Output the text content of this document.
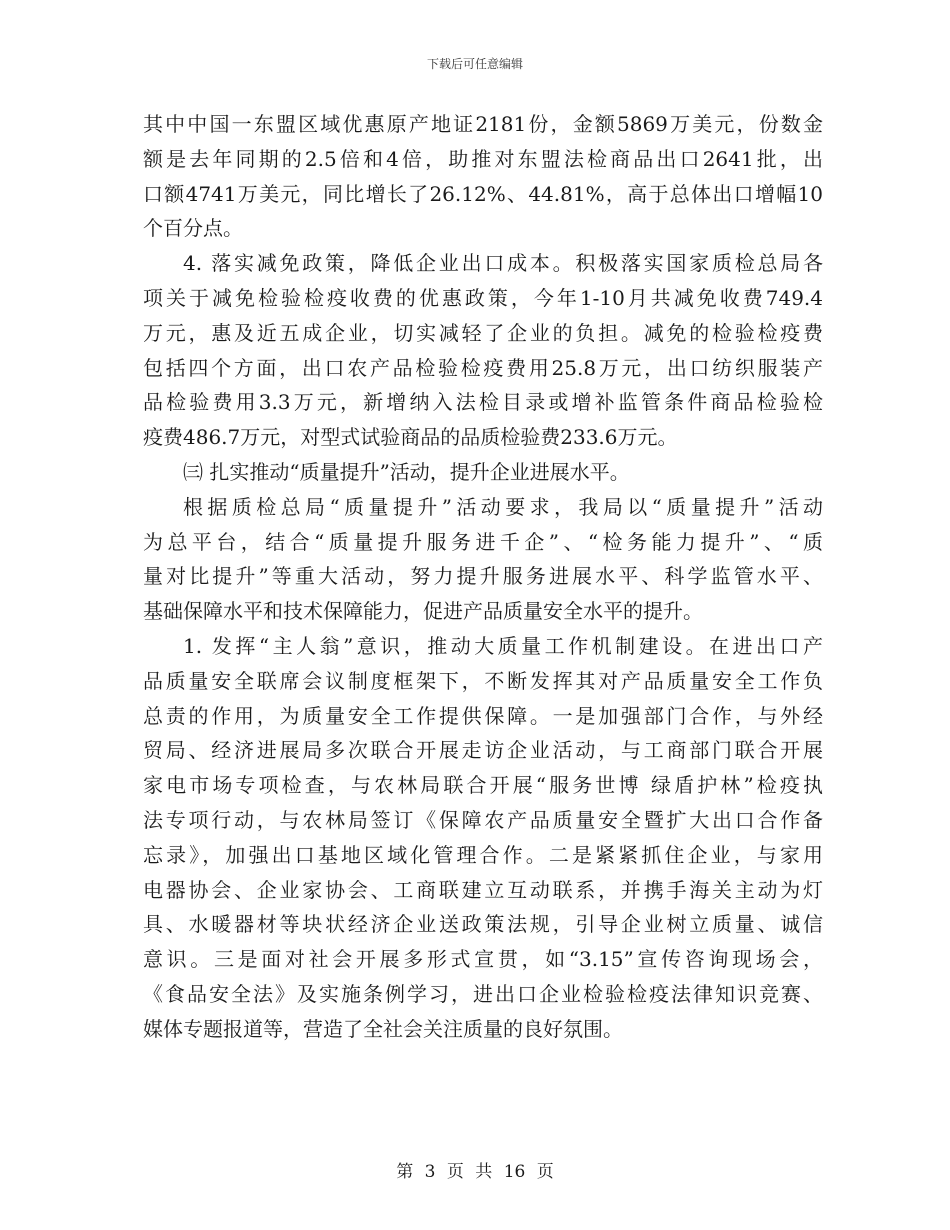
下载后可任意编辑
其中中国一东盟区域优惠原产地证2181份，金额5869万美元，份数金
额是去年同期的2.5倍和4倍，助推对东盟法检商品出口2641批，出
口额4741万美元，同比增长了26.12%、44.81%，高于总体出口增幅10
个百分点。
4. 落实减免政策，降低企业出口成本。积极落实国家质检总局各
项关于减免检验检疫收费的优惠政策，今年1-10月共减免收费749.4
万元，惠及近五成企业，切实减轻了企业的负担。减免的检验检疫费
包括四个方面，出口农产品检验检疫费用25.8万元，出口纺织服装产
品检验费用3.3万元，新增纳入法检目录或增补监管条件商品检验检
疫费486.7万元，对型式试验商品的品质检验费233.6万元。
㈢ 扎实推动“质量提升”活动，提升企业进展水平。
根据质检总局“质量提升”活动要求，我局以“质量提升”活动
为总平台，结合“质量提升服务进千企”、“检务能力提升”、“质
量对比提升”等重大活动，努力提升服务进展水平、科学监管水平、
基础保障水平和技术保障能力，促进产品质量安全水平的提升。
1. 发挥“主人翁”意识，推动大质量工作机制建设。在进出口产
品质量安全联席会议制度框架下，不断发挥其对产品质量安全工作负
总责的作用，为质量安全工作提供保障。一是加强部门合作，与外经
贸局、经济进展局多次联合开展走访企业活动，与工商部门联合开展
家电市场专项检查，与农林局联合开展“服务世博 绿盾护林”检疫执
法专项行动，与农林局签订《保障农产品质量安全暨扩大出口合作备
忘录》，加强出口基地区域化管理合作。二是紧紧抓住企业，与家用
电器协会、企业家协会、工商联建立互动联系，并携手海关主动为灯
具、水暖器材等块状经济企业送政策法规，引导企业树立质量、诚信
意识。三是面对社会开展多形式宣贯，如“3.15”宣传咨询现场会，
《食品安全法》及实施条例学习，进出口企业检验检疫法律知识竞赛、
媒体专题报道等，营造了全社会关注质量的良好氛围。
第 3 页 共 16 页
